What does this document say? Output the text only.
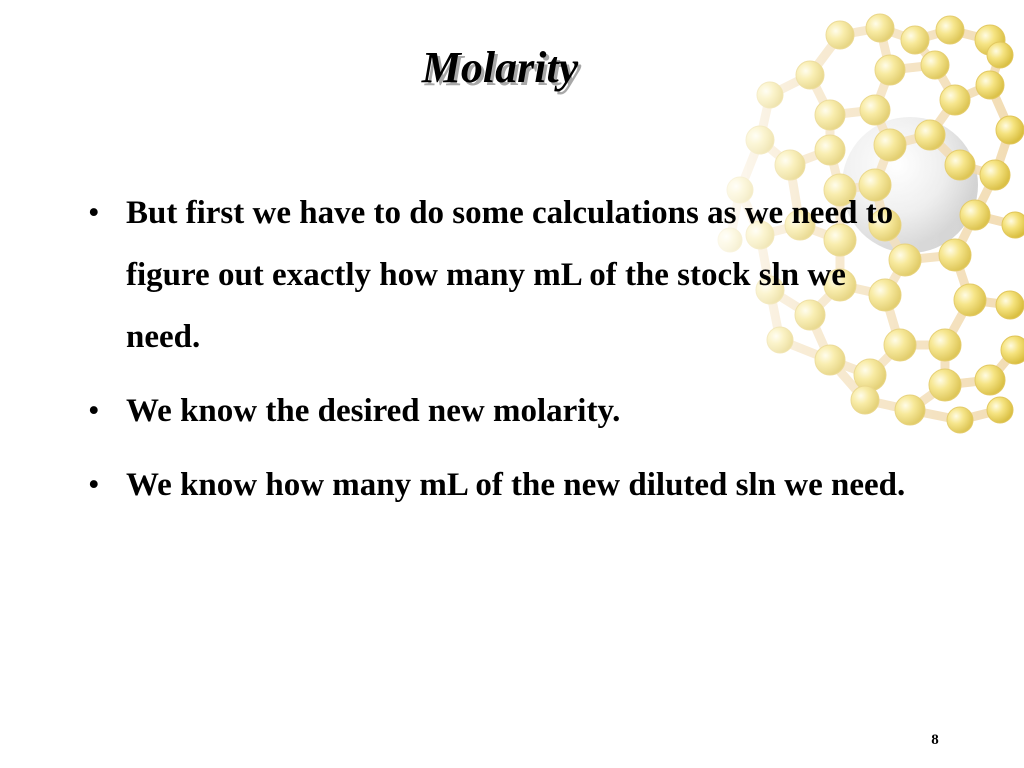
Molarity
• But first we have to do some calculations as we need to figure out exactly how many mL of the stock sln we need.
• We know the desired new molarity.
• We know how many mL of the new diluted sln we need.
8
